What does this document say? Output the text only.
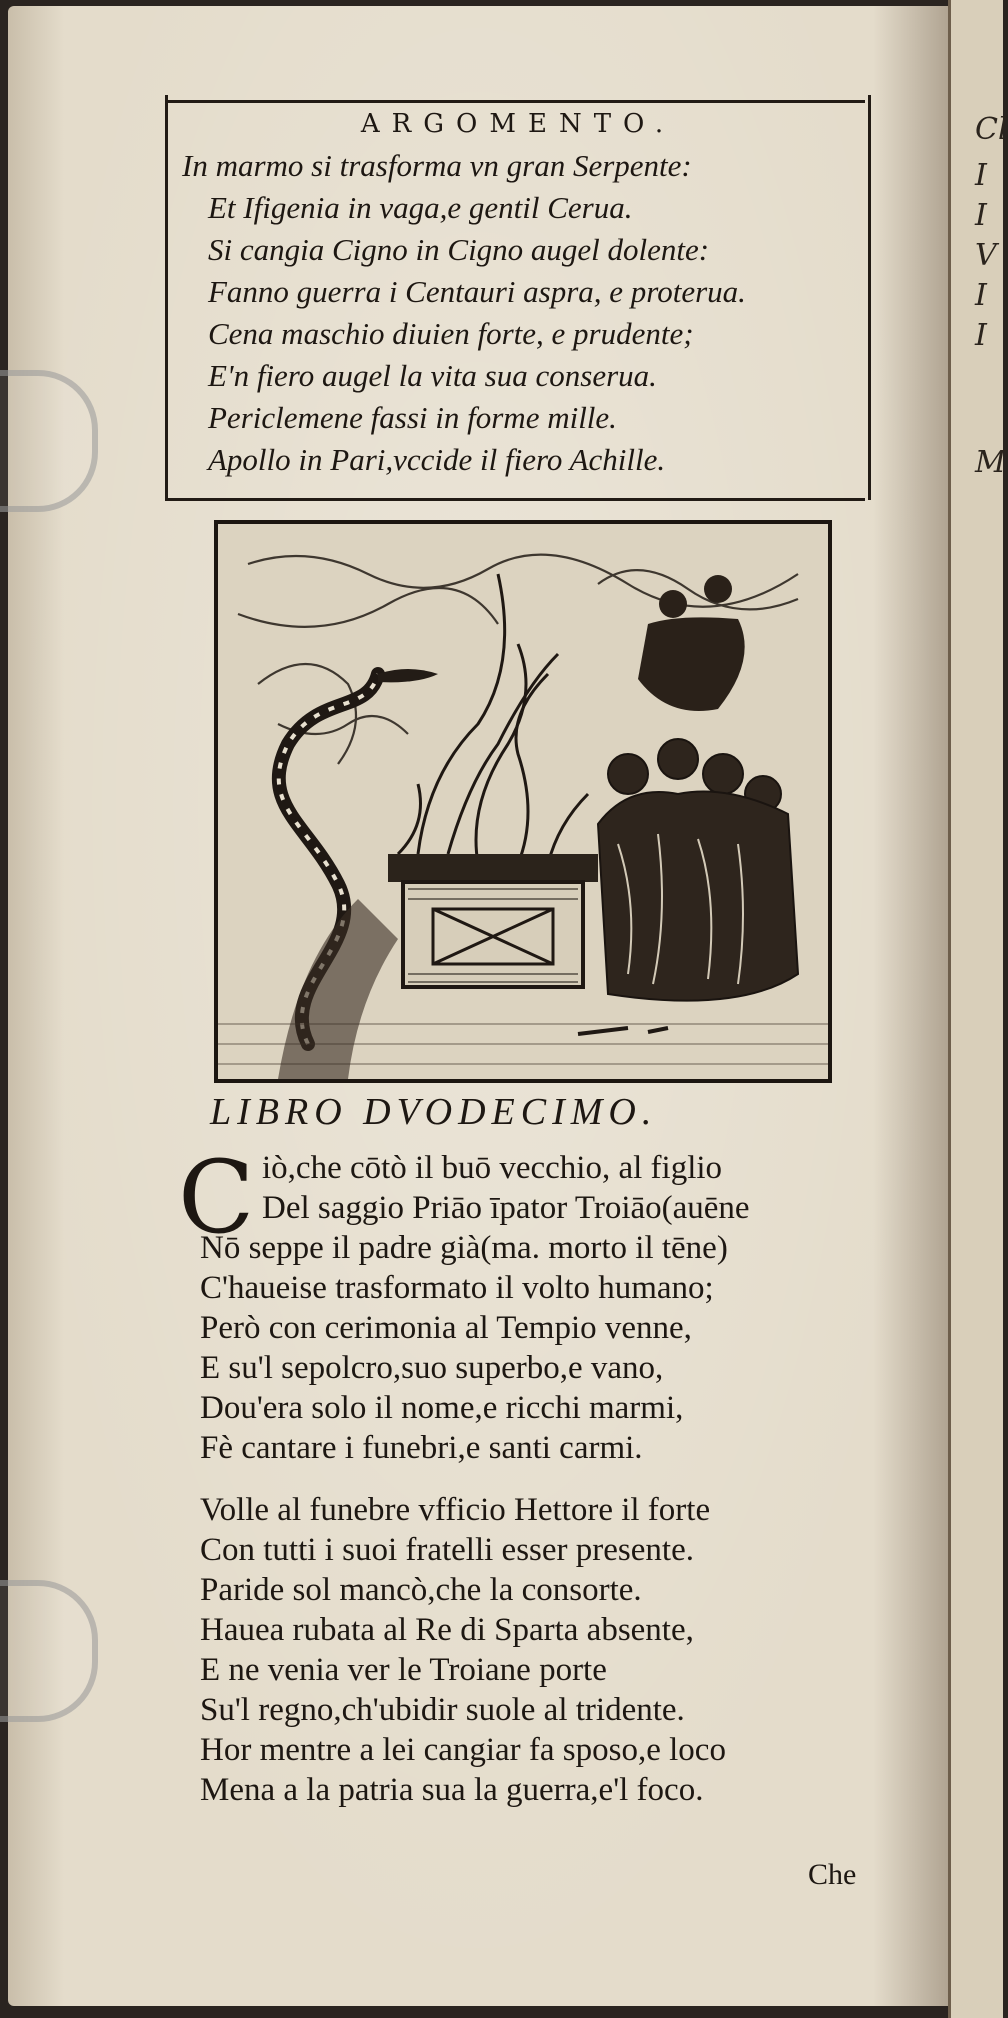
Cl
I
I
V
I
I
M
ARGOMENTO.
In marmo si trasforma vn gran Serpente:
Et Ifigenia in vaga,e gentil Cerua.
Si cangia Cigno in Cigno augel dolente:
Fanno guerra i Centauri aspra, e proterua.
Cena maschio diuien forte, e prudente;
E'n fiero augel la vita sua conserua.
Periclemene fassi in forme mille.
Apollo in Pari,vccide il fiero Achille.
LIBRO DVODECIMO.
C iò,che cōtò il buō vecchio, al figlio
Del saggio Priāo īpator Troiāo(auēne
Nō seppe il padre già(ma. morto il tēne)
C'haueise trasformato il volto humano;
Però con cerimonia al Tempio venne,
E su'l sepolcro,suo superbo,e vano,
Dou'era solo il nome,e ricchi marmi,
Fè cantare i funebri,e santi carmi.
Volle al funebre vfficio Hettore il forte
Con tutti i suoi fratelli esser presente.
Paride sol mancò,che la consorte.
Hauea rubata al Re di Sparta absente,
E ne venia ver le Troiane porte
Su'l regno,ch'ubidir suole al tridente.
Hor mentre a lei cangiar fa sposo,e loco
Mena a la patria sua la guerra,e'l foco.
Che
